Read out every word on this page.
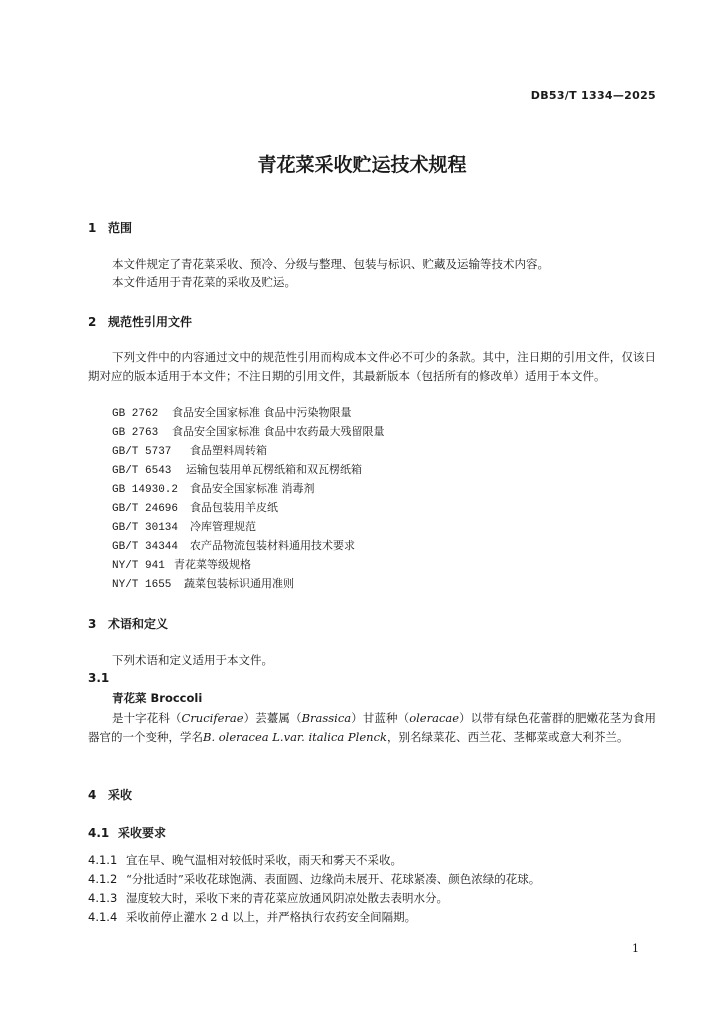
DB53/T 1334—2025
青花菜采收贮运技术规程
1 范围
本文件规定了青花菜采收、预冷、分级与整理、包装与标识、贮藏及运输等技术内容。
本文件适用于青花菜的采收及贮运。
2 规范性引用文件
下列文件中的内容通过文中的规范性引用而构成本文件必不可少的条款。其中，注日期的引用文件，仅该日期对应的版本适用于本文件；不注日期的引用文件，其最新版本（包括所有的修改单）适用于本文件。
GB 2762 食品安全国家标准 食品中污染物限量
GB 2763 食品安全国家标准 食品中农药最大残留限量
GB/T 5737 食品塑料周转箱
GB/T 6543 运输包装用单瓦楞纸箱和双瓦楞纸箱
GB 14930.2 食品安全国家标准 消毒剂
GB/T 24696 食品包装用羊皮纸
GB/T 30134 冷库管理规范
GB/T 34344 农产品物流包装材料通用技术要求
NY/T 941 青花菜等级规格
NY/T 1655 蔬菜包装标识通用准则
3 术语和定义
下列术语和定义适用于本文件。
3.1
青花菜 Broccoli
是十字花科（Cruciferae）芸薹属（Brassica）甘蓝种（oleracae）以带有绿色花蕾群的肥嫩花茎为食用器官的一个变种，学名B. oleracea L.var. italica Plenck，别名绿菜花、西兰花、茎椰菜或意大利芥兰。
4 采收
4.1 采收要求
4.1.1 宜在早、晚气温相对较低时采收，雨天和雾天不采收。
4.1.2 “分批适时”采收花球饱满、表面圆、边缘尚未展开、花球紧凑、颜色浓绿的花球。
4.1.3 湿度较大时，采收下来的青花菜应放通风阴凉处散去表明水分。
4.1.4 采收前停止灌水 2 d 以上，并严格执行农药安全间隔期。
1
